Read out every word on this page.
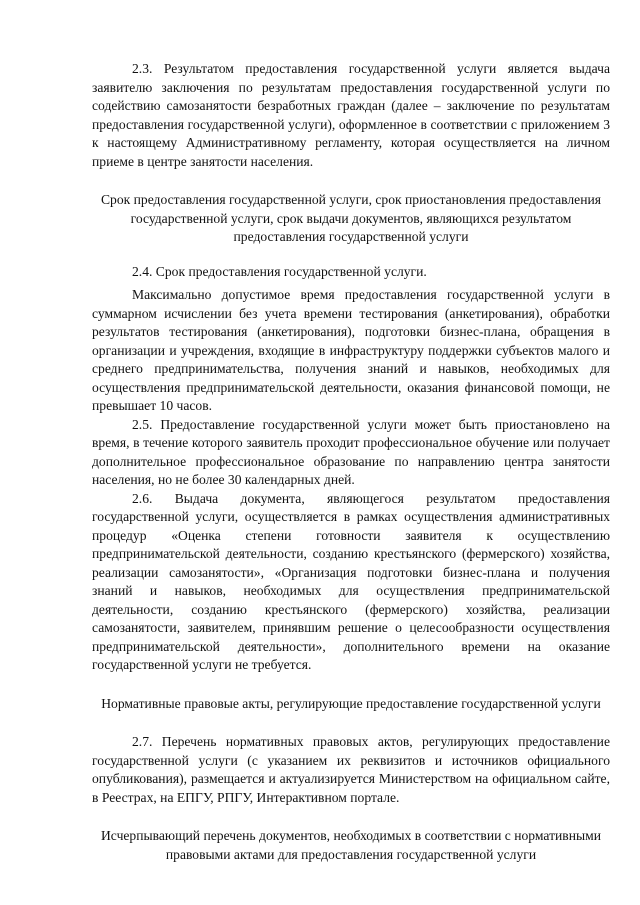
2.3. Результатом предоставления государственной услуги является выдача заявителю заключения по результатам предоставления государственной услуги по содействию самозанятости безработных граждан (далее – заключение по результатам предоставления государственной услуги), оформленное в соответствии с приложением 3 к настоящему Административному регламенту, которая осуществляется на личном приеме в центре занятости населения.

Срок предоставления государственной услуги, срок приостановления предоставления государственной услуги, срок выдачи документов, являющихся результатом предоставления государственной услуги

2.4. Срок предоставления государственной услуги.

Максимально допустимое время предоставления государственной услуги в суммарном исчислении без учета времени тестирования (анкетирования), обработки результатов тестирования (анкетирования), подготовки бизнес-плана, обращения в организации и учреждения, входящие в инфраструктуру поддержки субъектов малого и среднего предпринимательства, получения знаний и навыков, необходимых для осуществления предпринимательской деятельности, оказания финансовой помощи, не превышает 10 часов.

2.5. Предоставление государственной услуги может быть приостановлено на время, в течение которого заявитель проходит профессиональное обучение или получает дополнительное профессиональное образование по направлению центра занятости населения, но не более 30 календарных дней.

2.6. Выдача документа, являющегося результатом предоставления государственной услуги, осуществляется в рамках осуществления административных процедур «Оценка степени готовности заявителя к осуществлению предпринимательской деятельности, созданию крестьянского (фермерского) хозяйства, реализации самозанятости», «Организация подготовки бизнес-плана и получения знаний и навыков, необходимых для осуществления предпринимательской деятельности, созданию крестьянского (фермерского) хозяйства, реализации самозанятости, заявителем, принявшим решение о целесообразности осуществления предпринимательской деятельности», дополнительного времени на оказание государственной услуги не требуется.

Нормативные правовые акты, регулирующие предоставление государственной услуги

2.7. Перечень нормативных правовых актов, регулирующих предоставление государственной услуги (с указанием их реквизитов и источников официального опубликования), размещается и актуализируется Министерством на официальном сайте, в Реестрах, на ЕПГУ, РПГУ, Интерактивном портале.

Исчерпывающий перечень документов, необходимых в соответствии с нормативными правовыми актами для предоставления государственной услуги
